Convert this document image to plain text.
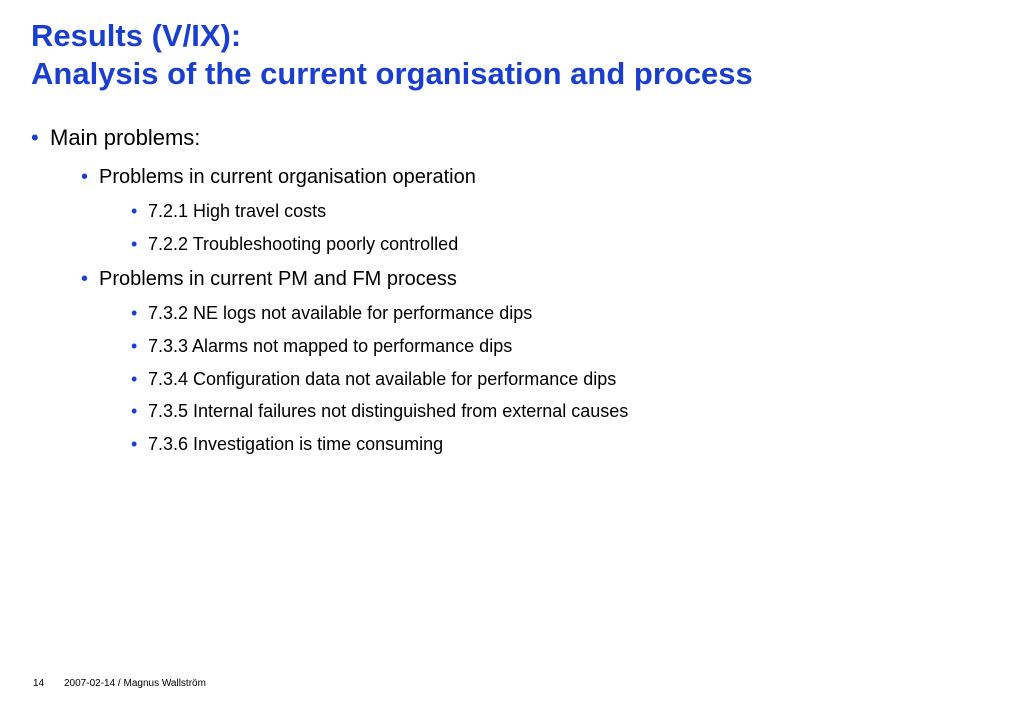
Results (V/IX):
Analysis of the current organisation and process
• Main problems:
• Problems in current organisation operation
• 7.2.1 High travel costs
• 7.2.2 Troubleshooting poorly controlled
• Problems in current PM and FM process
• 7.3.2 NE logs not available for performance dips
• 7.3.3 Alarms not mapped to performance dips
• 7.3.4 Configuration data not available for performance dips
• 7.3.5 Internal failures not distinguished from external causes
• 7.3.6 Investigation is time consuming
14 2007-02-14 / Magnus Wallström
